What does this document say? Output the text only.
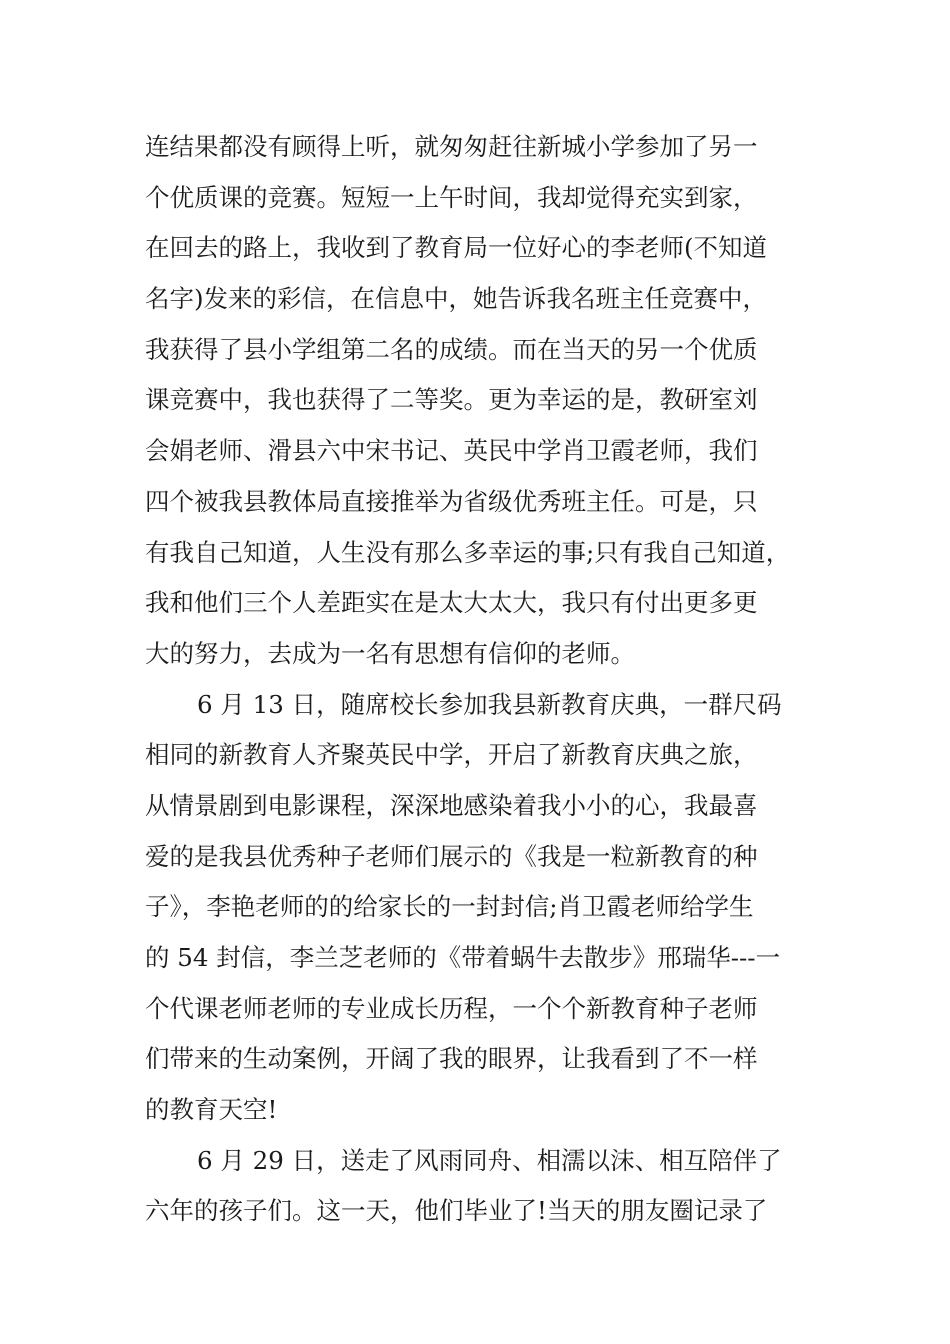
连结果都没有顾得上听，就匆匆赶往新城小学参加了另一
个优质课的竞赛。短短一上午时间，我却觉得充实到家，
在回去的路上，我收到了教育局一位好心的李老师(不知道
名字)发来的彩信，在信息中，她告诉我名班主任竞赛中，
我获得了县小学组第二名的成绩。而在当天的另一个优质
课竞赛中，我也获得了二等奖。更为幸运的是，教研室刘
会娟老师、滑县六中宋书记、英民中学肖卫霞老师，我们
四个被我县教体局直接推举为省级优秀班主任。可是，只
有我自己知道，人生没有那么多幸运的事;只有我自己知道，
我和他们三个人差距实在是太大太大，我只有付出更多更
大的努力，去成为一名有思想有信仰的老师。
6 月 13 日，随席校长参加我县新教育庆典，一群尺码
相同的新教育人齐聚英民中学，开启了新教育庆典之旅，
从情景剧到电影课程，深深地感染着我小小的心，我最喜
爱的是我县优秀种子老师们展示的《我是一粒新教育的种
子》，李艳老师的的给家长的一封封信;肖卫霞老师给学生
的 54 封信，李兰芝老师的《带着蜗牛去散步》邢瑞华---一
个代课老师老师的专业成长历程，一个个新教育种子老师
们带来的生动案例，开阔了我的眼界，让我看到了不一样
的教育天空!
6 月 29 日，送走了风雨同舟、相濡以沫、相互陪伴了
六年的孩子们。这一天，他们毕业了!当天的朋友圈记录了
